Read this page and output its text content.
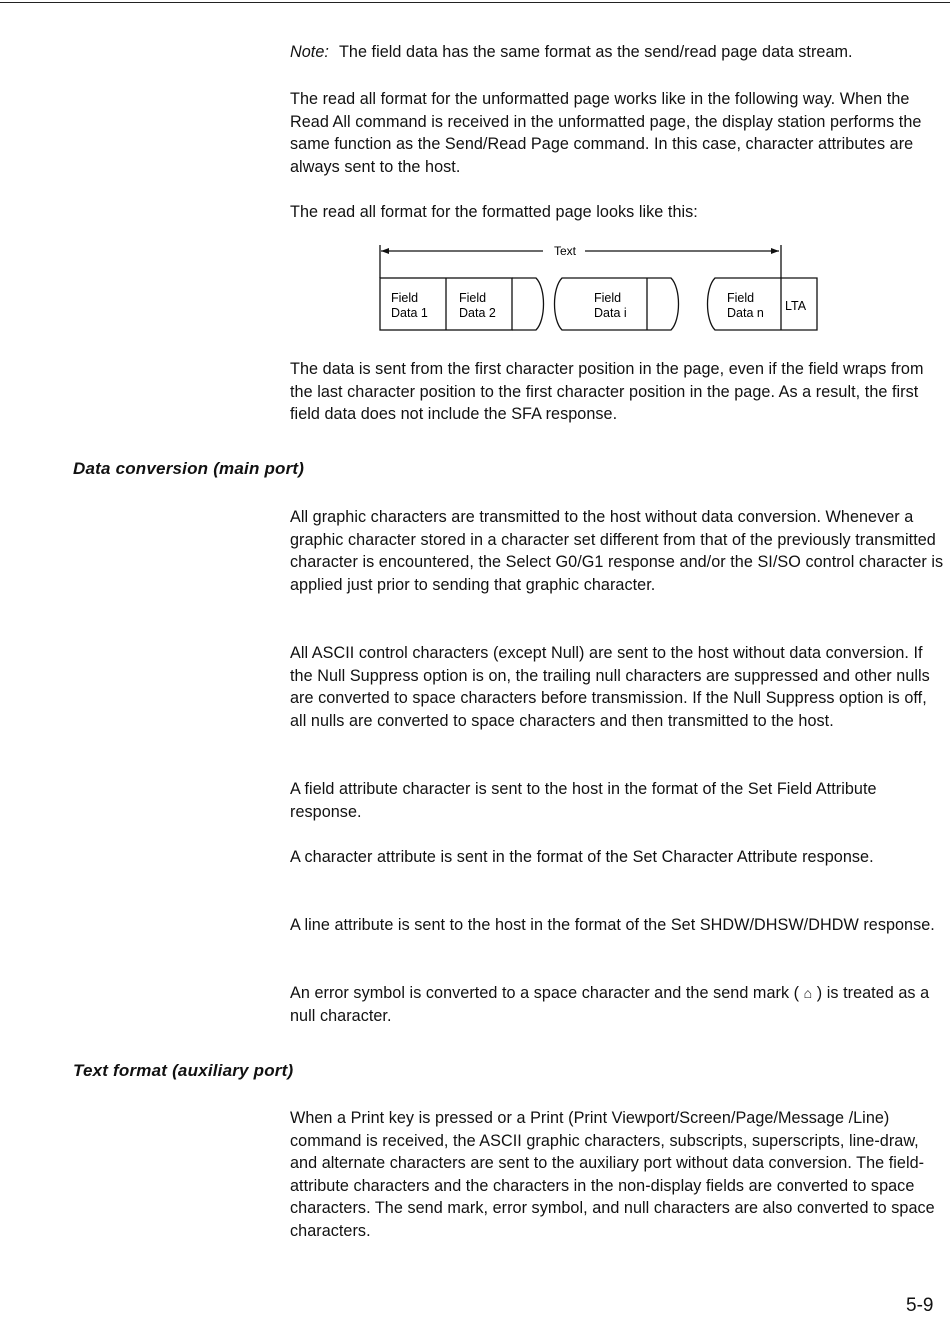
Note: The field data has the same format as the send/read page data stream.

The read all format for the unformatted page works like in the following way. When the Read All command is received in the unformatted page, the display station performs the same function as the Send/Read Page command. In this case, character attributes are always sent to the host.

The read all format for the formatted page looks like this:

Text
Field
Data 1
Field
Data 2
Field
Data i
Field
Data n LTA

The data is sent from the first character position in the page, even if the field wraps from the last character position to the first character position in the page. As a result, the first field data does not include the SFA response.

Data conversion (main port)

All graphic characters are transmitted to the host without data conversion. Whenever a graphic character stored in a character set different from that of the previously transmitted character is encountered, the Select G0/G1 response and/or the SI/SO control character is applied just prior to sending that graphic character.

All ASCII control characters (except Null) are sent to the host without data conversion. If the Null Suppress option is on, the trailing null characters are suppressed and other nulls are converted to space characters before transmission. If the Null Suppress option is off, all nulls are converted to space characters and then transmitted to the host.

A field attribute character is sent to the host in the format of the Set Field Attribute response.

A character attribute is sent in the format of the Set Character Attribute response.

A line attribute is sent to the host in the format of the Set SHDW/DHSW/DHDW response.

An error symbol is converted to a space character and the send mark ( ⌂ ) is treated as a null character.

Text format (auxiliary port)

When a Print key is pressed or a Print (Print Viewport/Screen/Page/Message /Line) command is received, the ASCII graphic characters, subscripts, superscripts, line-draw, and alternate characters are sent to the auxiliary port without data conversion. The field-attribute characters and the characters in the non-display fields are converted to space characters. The send mark, error symbol, and null characters are also converted to space characters.

5-9
